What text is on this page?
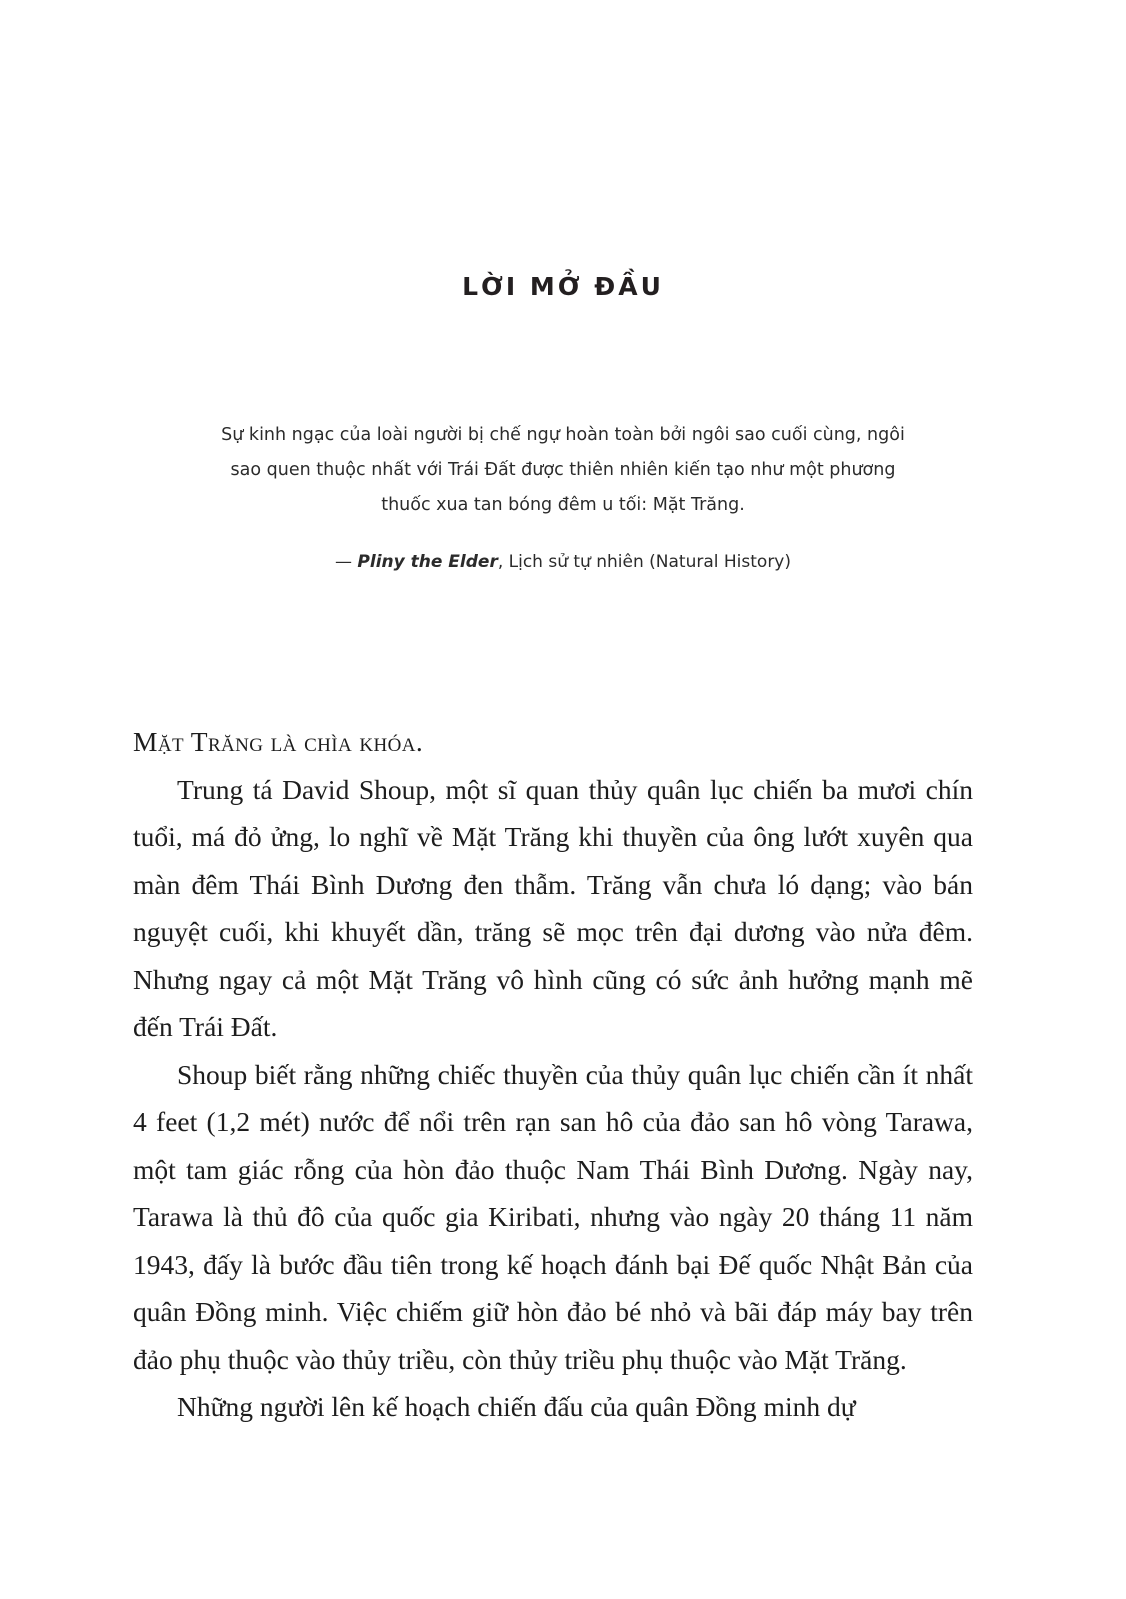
LỜI MỞ ĐẦU

Sự kinh ngạc của loài người bị chế ngự hoàn toàn bởi ngôi sao cuối cùng, ngôi sao quen thuộc nhất với Trái Đất được thiên nhiên kiến tạo như một phương thuốc xua tan bóng đêm u tối: Mặt Trăng.

— Pliny the Elder, Lịch sử tự nhiên (Natural History)

Mặt Trăng là chìa khóa.

Trung tá David Shoup, một sĩ quan thủy quân lục chiến ba mươi chín tuổi, má đỏ ửng, lo nghĩ về Mặt Trăng khi thuyền của ông lướt xuyên qua màn đêm Thái Bình Dương đen thẫm. Trăng vẫn chưa ló dạng; vào bán nguyệt cuối, khi khuyết dần, trăng sẽ mọc trên đại dương vào nửa đêm. Nhưng ngay cả một Mặt Trăng vô hình cũng có sức ảnh hưởng mạnh mẽ đến Trái Đất.

Shoup biết rằng những chiếc thuyền của thủy quân lục chiến cần ít nhất 4 feet (1,2 mét) nước để nổi trên rạn san hô của đảo san hô vòng Tarawa, một tam giác rỗng của hòn đảo thuộc Nam Thái Bình Dương. Ngày nay, Tarawa là thủ đô của quốc gia Kiribati, nhưng vào ngày 20 tháng 11 năm 1943, đấy là bước đầu tiên trong kế hoạch đánh bại Đế quốc Nhật Bản của quân Đồng minh. Việc chiếm giữ hòn đảo bé nhỏ và bãi đáp máy bay trên đảo phụ thuộc vào thủy triều, còn thủy triều phụ thuộc vào Mặt Trăng.

Những người lên kế hoạch chiến đấu của quân Đồng minh dự
